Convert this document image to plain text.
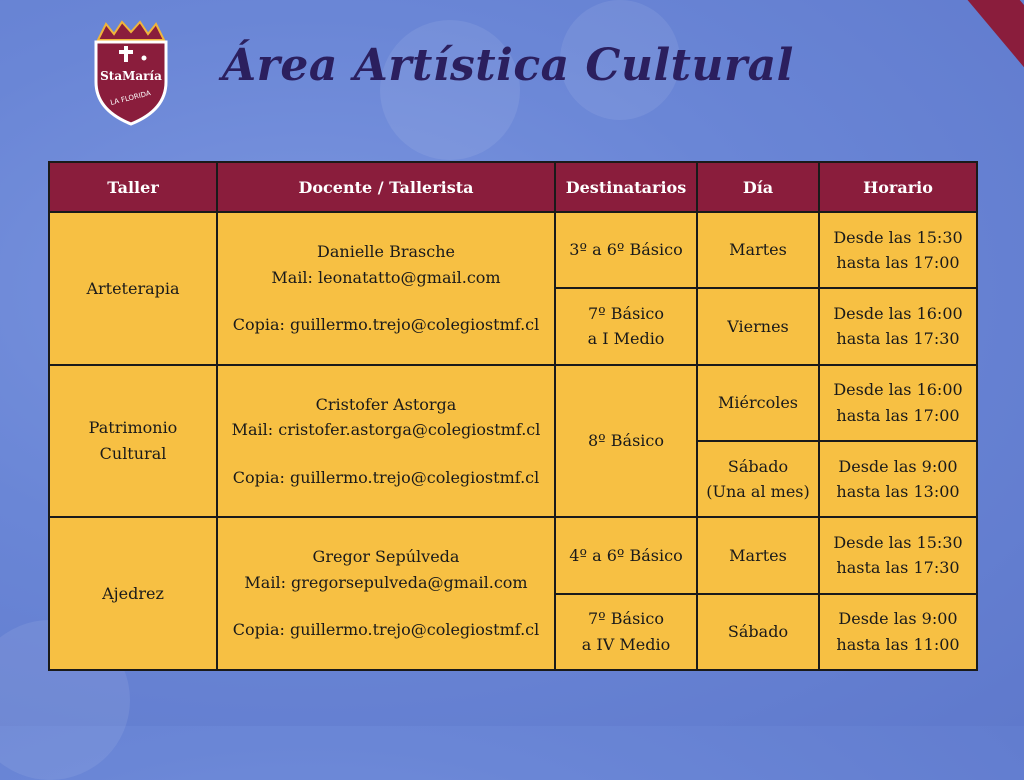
StaMaría
LA FLORIDA
Área Artística Cultural
Taller	Docente / Tallerista	Destinatarios	Día	Horario
Arteterapia	Danielle Brasche
Mail: leonatatto@gmail.com
Copia: guillermo.trejo@colegiostmf.cl	3º a 6º Básico	Martes	Desde las 15:30
hasta las 17:00
		7º Básico
a I Medio	Viernes	Desde las 16:00
hasta las 17:30
Patrimonio
Cultural	Cristofer Astorga
Mail: cristofer.astorga@colegiostmf.cl
Copia: guillermo.trejo@colegiostmf.cl	8º Básico	Miércoles	Desde las 16:00
hasta las 17:00
			Sábado
(Una al mes)	Desde las 9:00
hasta las 13:00
Ajedrez	Gregor Sepúlveda
Mail: gregorsepulveda@gmail.com
Copia: guillermo.trejo@colegiostmf.cl	4º a 6º Básico	Martes	Desde las 15:30
hasta las 17:30
		7º Básico
a IV Medio	Sábado	Desde las 9:00
hasta las 11:00
